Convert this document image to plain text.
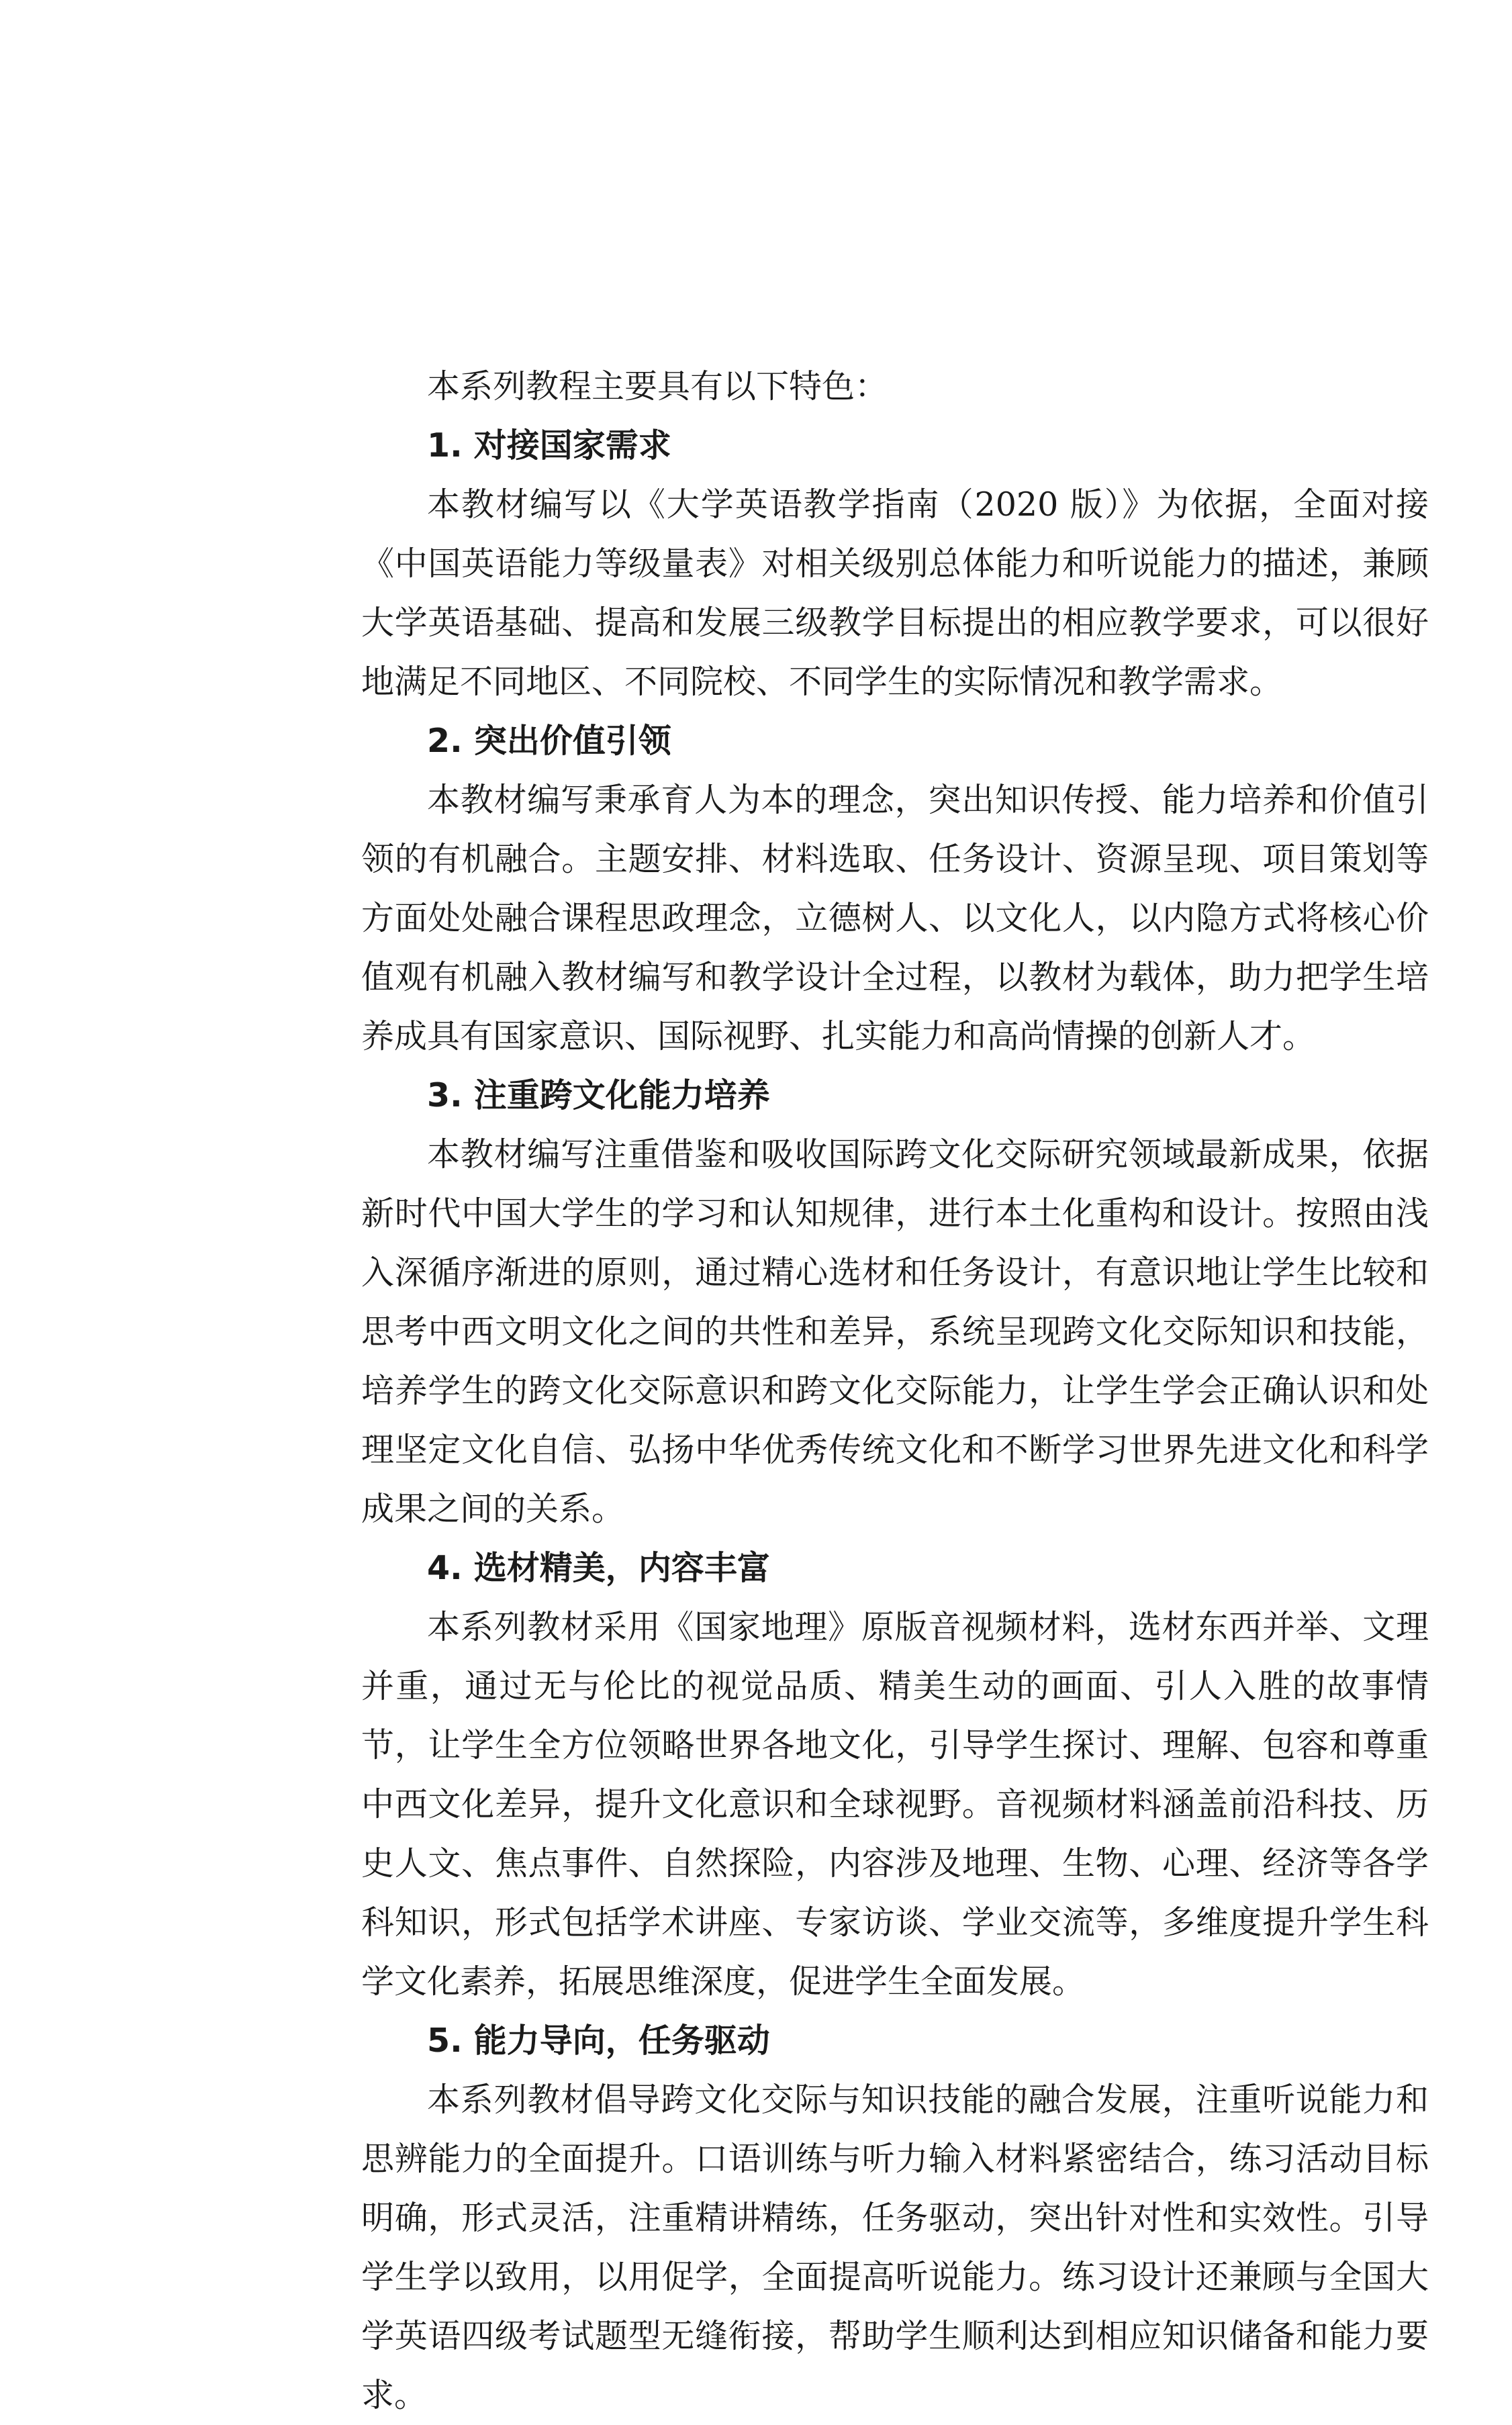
本系列教程主要具有以下特色：

1. 对接国家需求

本教材编写以《大学英语教学指南（2020 版）》为依据，全面对接《中国英语能力等级量表》对相关级别总体能力和听说能力的描述，兼顾大学英语基础、提高和发展三级教学目标提出的相应教学要求，可以很好地满足不同地区、不同院校、不同学生的实际情况和教学需求。

2. 突出价值引领

本教材编写秉承育人为本的理念，突出知识传授、能力培养和价值引领的有机融合。主题安排、材料选取、任务设计、资源呈现、项目策划等方面处处融合课程思政理念，立德树人、以文化人，以内隐方式将核心价值观有机融入教材编写和教学设计全过程，以教材为载体，助力把学生培养成具有国家意识、国际视野、扎实能力和高尚情操的创新人才。

3. 注重跨文化能力培养

本教材编写注重借鉴和吸收国际跨文化交际研究领域最新成果，依据新时代中国大学生的学习和认知规律，进行本土化重构和设计。按照由浅入深循序渐进的原则，通过精心选材和任务设计，有意识地让学生比较和思考中西文明文化之间的共性和差异，系统呈现跨文化交际知识和技能，培养学生的跨文化交际意识和跨文化交际能力，让学生学会正确认识和处理坚定文化自信、弘扬中华优秀传统文化和不断学习世界先进文化和科学成果之间的关系。

4. 选材精美，内容丰富

本系列教材采用《国家地理》原版音视频材料，选材东西并举、文理并重，通过无与伦比的视觉品质、精美生动的画面、引人入胜的故事情节，让学生全方位领略世界各地文化，引导学生探讨、理解、包容和尊重中西文化差异，提升文化意识和全球视野。音视频材料涵盖前沿科技、历史人文、焦点事件、自然探险，内容涉及地理、生物、心理、经济等各学科知识，形式包括学术讲座、专家访谈、学业交流等，多维度提升学生科学文化素养，拓展思维深度，促进学生全面发展。

5. 能力导向，任务驱动

本系列教材倡导跨文化交际与知识技能的融合发展，注重听说能力和思辨能力的全面提升。口语训练与听力输入材料紧密结合，练习活动目标明确，形式灵活，注重精讲精练，任务驱动，突出针对性和实效性。引导学生学以致用，以用促学，全面提高听说能力。练习设计还兼顾与全国大学英语四级考试题型无缝衔接，帮助学生顺利达到相应知识储备和能力要求。
